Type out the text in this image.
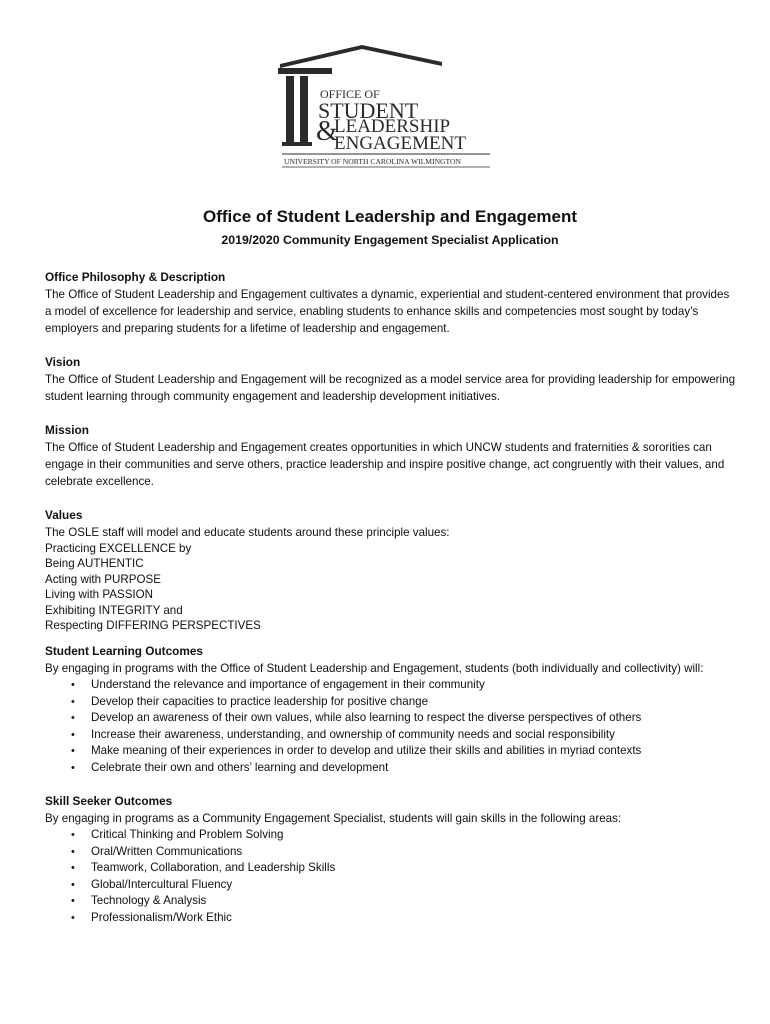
OFFICE OF
STUDENT
&
LEADERSHIP
ENGAGEMENT
UNIVERSITY OF NORTH CAROLINA WILMINGTON
Office of Student Leadership and Engagement
2019/2020 Community Engagement Specialist Application
Office Philosophy & Description

The Office of Student Leadership and Engagement cultivates a dynamic, experiential and student-centered environment that provides a model of excellence for leadership and service, enabling students to enhance skills and competencies most sought by today’s employers and preparing students for a lifetime of leadership and engagement.

Vision

The Office of Student Leadership and Engagement will be recognized as a model service area for providing leadership for empowering student learning through community engagement and leadership development initiatives.

Mission

The Office of Student Leadership and Engagement creates opportunities in which UNCW students and fraternities & sororities can engage in their communities and serve others, practice leadership and inspire positive change, act congruently with their values, and celebrate excellence.

Values

The OSLE staff will model and educate students around these principle values:

Practicing EXCELLENCE by
Being AUTHENTIC
Acting with PURPOSE
Living with PASSION
Exhibiting INTEGRITY and
Respecting DIFFERING PERSPECTIVES
Student Learning Outcomes

By engaging in programs with the Office of Student Leadership and Engagement, students (both individually and collectivity) will:

• Understand the relevance and importance of engagement in their community
• Develop their capacities to practice leadership for positive change
• Develop an awareness of their own values, while also learning to respect the diverse perspectives of others
• Increase their awareness, understanding, and ownership of community needs and social responsibility
• Make meaning of their experiences in order to develop and utilize their skills and abilities in myriad contexts
• Celebrate their own and others’ learning and development
Skill Seeker Outcomes

By engaging in programs as a Community Engagement Specialist, students will gain skills in the following areas:

• Critical Thinking and Problem Solving
• Oral/Written Communications
• Teamwork, Collaboration, and Leadership Skills
• Global/Intercultural Fluency
• Technology & Analysis
• Professionalism/Work Ethic
